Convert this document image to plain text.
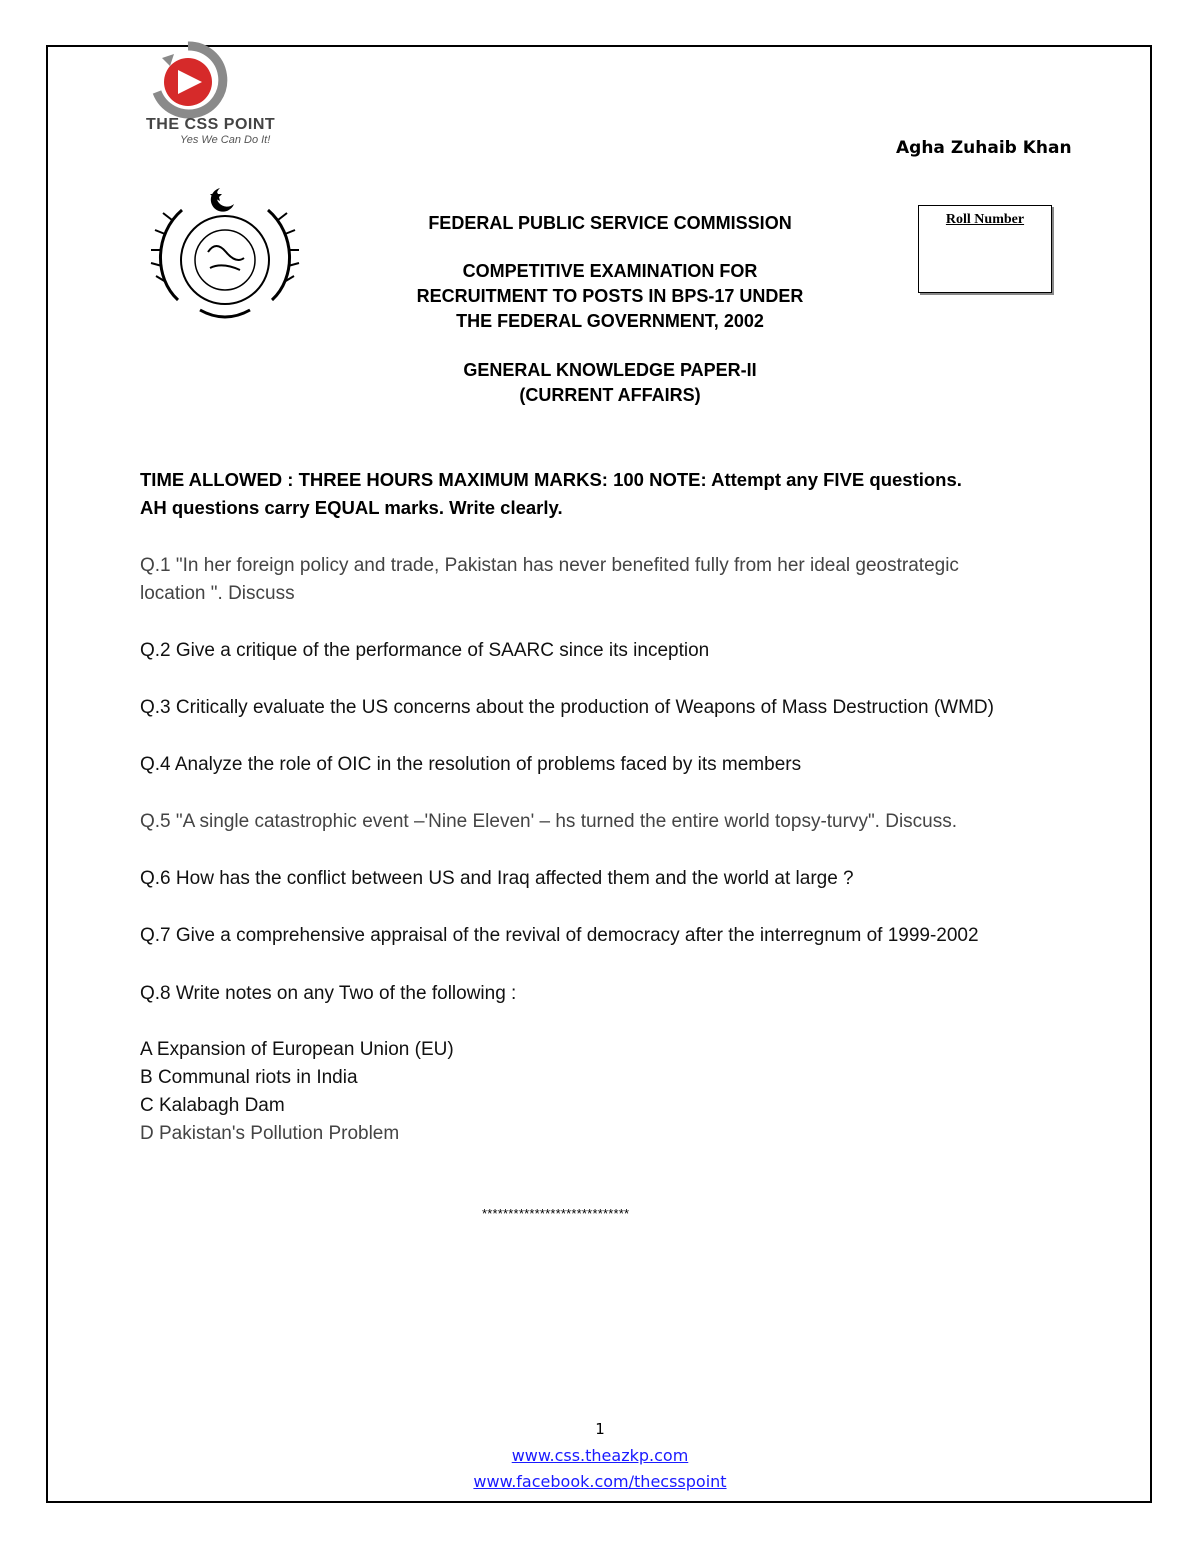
THE CSS POINT
Yes We Can Do It!	Agha Zuhaib Khan
Roll Number
FEDERAL PUBLIC SERVICE COMMISSION
COMPETITIVE EXAMINATION FOR
RECRUITMENT TO POSTS IN BPS-17 UNDER
THE FEDERAL GOVERNMENT, 2002
GENERAL KNOWLEDGE PAPER-II
(CURRENT AFFAIRS)
TIME ALLOWED : THREE HOURS MAXIMUM MARKS: 100 NOTE: Attempt any FIVE questions.
AH questions carry EQUAL marks. Write clearly.
Q.1 "In her foreign policy and trade, Pakistan has never benefited fully from her ideal geostrategic
location ". Discuss
Q.2 Give a critique of the performance of SAARC since its inception
Q.3 Critically evaluate the US concerns about the production of Weapons of Mass Destruction (WMD)
Q.4 Analyze the role of OIC in the resolution of problems faced by its members
Q.5 "A single catastrophic event –'Nine Eleven' – hs turned the entire world topsy-turvy". Discuss.
Q.6 How has the conflict between US and Iraq affected them and the world at large ?
Q.7 Give a comprehensive appraisal of the revival of democracy after the interregnum of 1999-2002
Q.8 Write notes on any Two of the following :
A Expansion of European Union (EU)
B Communal riots in India
C Kalabagh Dam
D Pakistan's Pollution Problem
****************************
1
www.css.theazkp.com
www.facebook.com/thecsspoint
